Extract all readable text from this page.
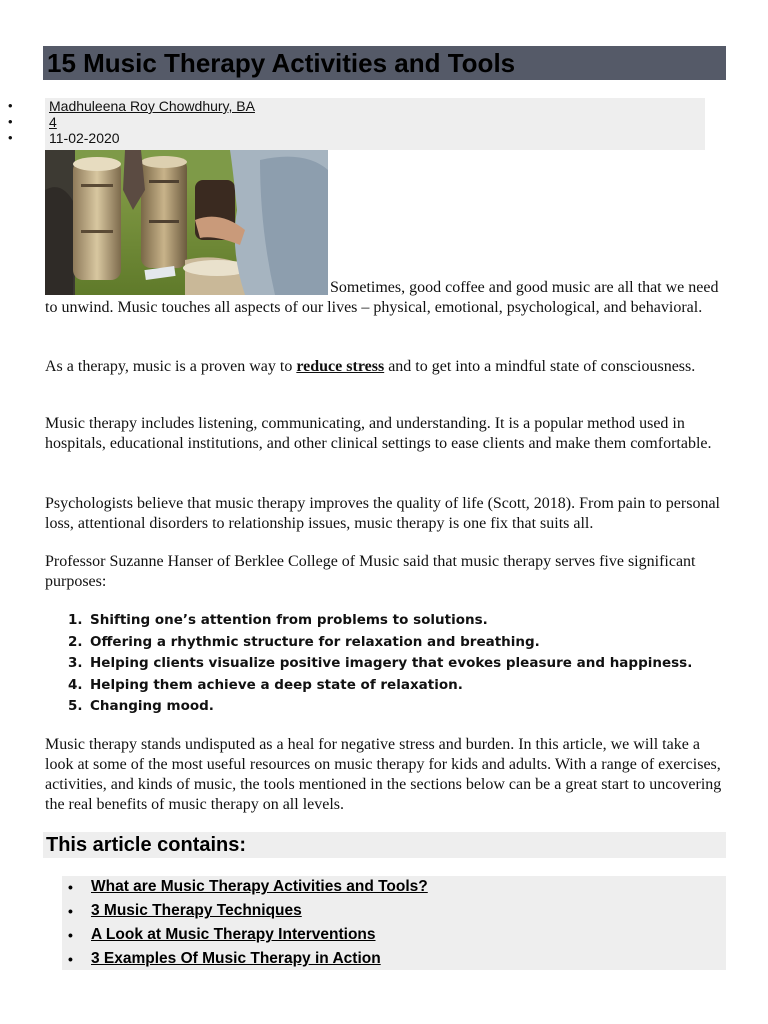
15 Music Therapy Activities and Tools
Madhuleena Roy Chowdhury, BA
4
11-02-2020

Sometimes, good coffee and good music are all that we need to unwind. Music touches all aspects of our lives – physical, emotional, psychological, and behavioral.

As a therapy, music is a proven way to reduce stress and to get into a mindful state of consciousness.

Music therapy includes listening, communicating, and understanding. It is a popular method used in hospitals, educational institutions, and other clinical settings to ease clients and make them comfortable.

Psychologists believe that music therapy improves the quality of life (Scott, 2018). From pain to personal loss, attentional disorders to relationship issues, music therapy is one fix that suits all.

Professor Suzanne Hanser of Berklee College of Music said that music therapy serves five significant purposes:

1. Shifting one’s attention from problems to solutions.
2. Offering a rhythmic structure for relaxation and breathing.
3. Helping clients visualize positive imagery that evokes pleasure and happiness.
4. Helping them achieve a deep state of relaxation.
5. Changing mood.

Music therapy stands undisputed as a heal for negative stress and burden. In this article, we will take a look at some of the most useful resources on music therapy for kids and adults. With a range of exercises, activities, and kinds of music, the tools mentioned in the sections below can be a great start to uncovering the real benefits of music therapy on all levels.

This article contains:
What are Music Therapy Activities and Tools?
3 Music Therapy Techniques
A Look at Music Therapy Interventions
3 Examples Of Music Therapy in Action
